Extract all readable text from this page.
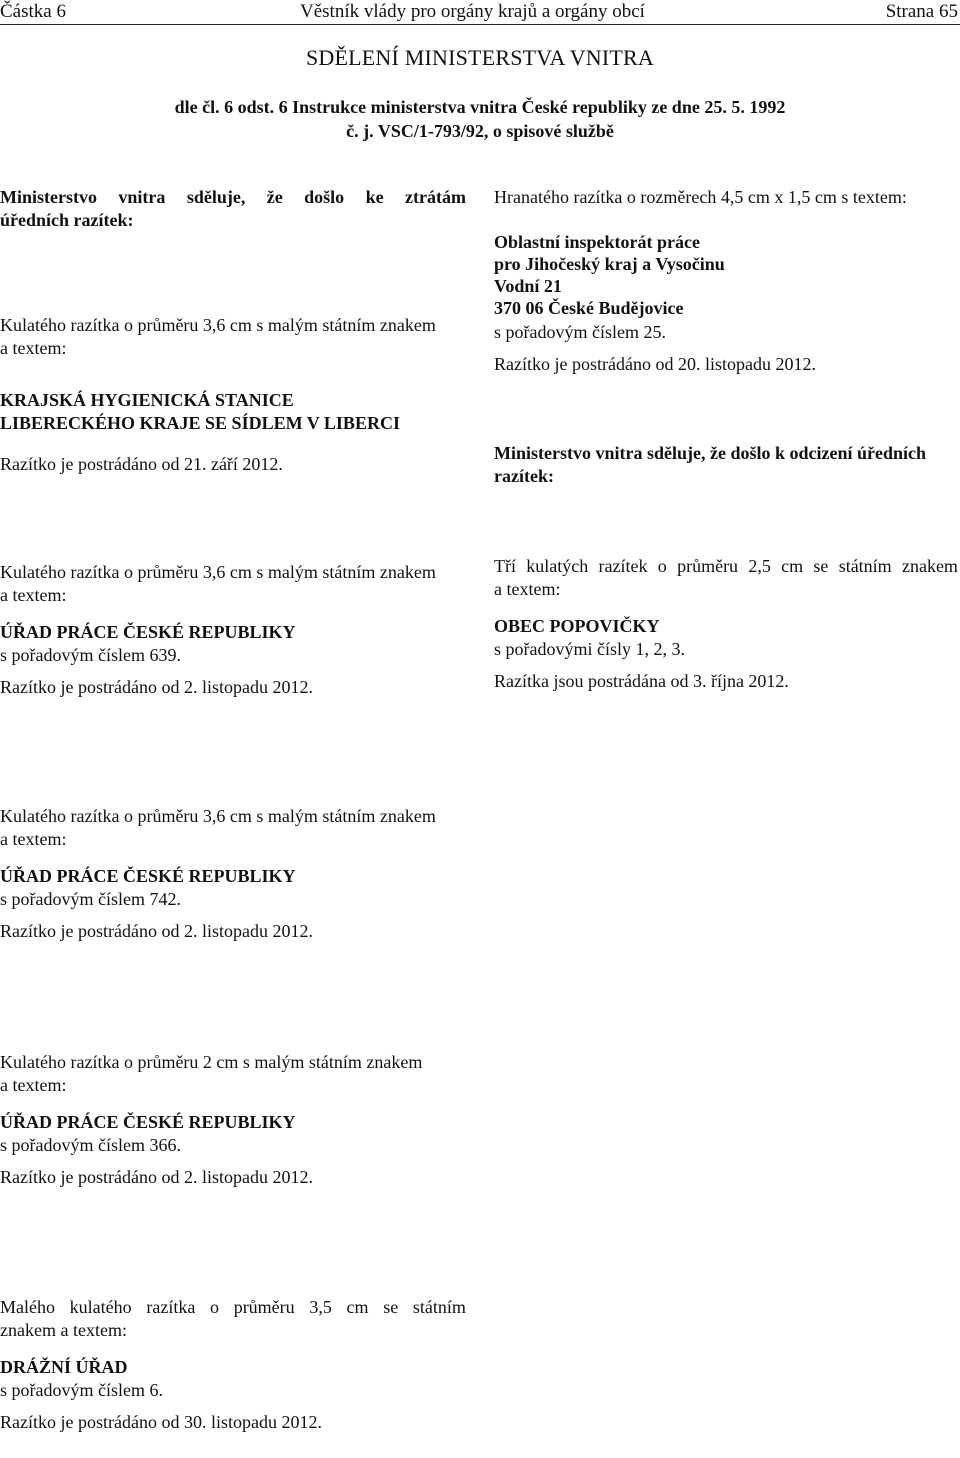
Částka 6	Věstník vlády pro orgány krajů a orgány obcí	Strana 65
SDĚLENÍ MINISTERSTVA VNITRA
dle čl. 6 odst. 6 Instrukce ministerstva vnitra České republiky ze dne 25. 5. 1992
č. j. VSC/1-793/92, o spisové službě
Ministerstvo vnitra sděluje, že došlo ke ztrátám
úředních razítek:
Kulatého razítka o průměru 3,6 cm s malým státním znakem
a textem:
KRAJSKÁ HYGIENICKÁ STANICE
LIBERECKÉHO KRAJE SE SÍDLEM V LIBERCI
Razítko je postrádáno od 21. září 2012.
Kulatého razítka o průměru 3,6 cm s malým státním znakem
a textem:
ÚŘAD PRÁCE ČESKÉ REPUBLIKY
s pořadovým číslem 639.
Razítko je postrádáno od 2. listopadu 2012.
Kulatého razítka o průměru 3,6 cm s malým státním znakem
a textem:
ÚŘAD PRÁCE ČESKÉ REPUBLIKY
s pořadovým číslem 742.
Razítko je postrádáno od 2. listopadu 2012.
Kulatého razítka o průměru 2 cm s malým státním znakem
a textem:
ÚŘAD PRÁCE ČESKÉ REPUBLIKY
s pořadovým číslem 366.
Razítko je postrádáno od 2. listopadu 2012.
Malého kulatého razítka o průměru 3,5 cm se státním
znakem a textem:
DRÁŽNÍ ÚŘAD
s pořadovým číslem 6.
Razítko je postrádáno od 30. listopadu 2012.
Hranatého razítka o rozměrech 4,5 cm x 1,5 cm s textem:
Oblastní inspektorát práce
pro Jihočeský kraj a Vysočinu
Vodní 21
370 06 České Budějovice
s pořadovým číslem 25.
Razítko je postrádáno od 20. listopadu 2012.
Ministerstvo vnitra sděluje, že došlo k odcizení úředních
razítek:
Tří kulatých razítek o průměru 2,5 cm se státním znakem
a textem:
OBEC POPOVIČKY
s pořadovými čísly 1, 2, 3.
Razítka jsou postrádána od 3. října 2012.
